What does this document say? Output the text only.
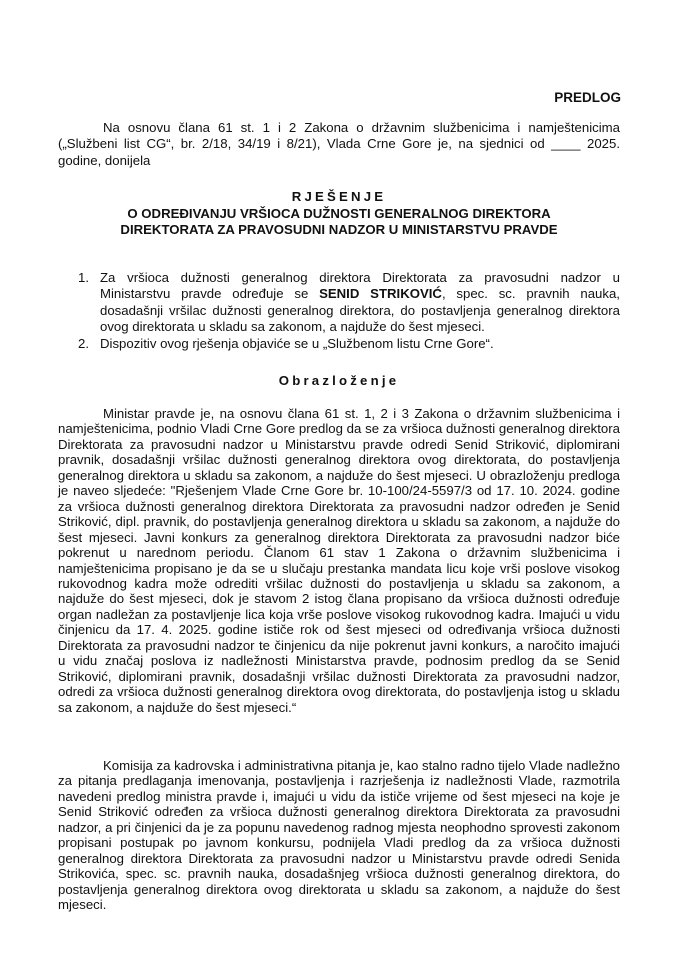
PREDLOG
Na osnovu člana 61 st. 1 i 2 Zakona o državnim službenicima i namještenicima („Službeni list CG“, br. 2/18, 34/19 i 8/21), Vlada Crne Gore je, na sjednici od ____ 2025. godine, donijela
RJEŠENJE
O ODREĐIVANJU VRŠIOCA DUŽNOSTI GENERALNOG DIREKTORA
DIREKTORATA ZA PRAVOSUDNI NADZOR U MINISTARSTVU PRAVDE
1. Za vršioca dužnosti generalnog direktora Direktorata za pravosudni nadzor u Ministarstvu pravde određuje se SENID STRIKOVIĆ, spec. sc. pravnih nauka, dosadašnji vršilac dužnosti generalnog direktora, do postavljenja generalnog direktora ovog direktorata u skladu sa zakonom, a najduže do šest mjeseci.
2. Dispozitiv ovog rješenja objaviće se u „Službenom listu Crne Gore“.
Obrazloženje
Ministar pravde je, na osnovu člana 61 st. 1, 2 i 3 Zakona o državnim službenicima i namještenicima, podnio Vladi Crne Gore predlog da se za vršioca dužnosti generalnog direktora Direktorata za pravosudni nadzor u Ministarstvu pravde odredi Senid Striković, diplomirani pravnik, dosadašnji vršilac dužnosti generalnog direktora ovog direktorata, do postavljenja generalnog direktora u skladu sa zakonom, a najduže do šest mjeseci. U obrazloženju predloga je naveo sljedeće: "Rješenjem Vlade Crne Gore br. 10-100/24-5597/3 od 17. 10. 2024. godine za vršioca dužnosti generalnog direktora Direktorata za pravosudni nadzor određen je Senid Striković, dipl. pravnik, do postavljenja generalnog direktora u skladu sa zakonom, a najduže do šest mjeseci. Javni konkurs za generalnog direktora Direktorata za pravosudni nadzor biće pokrenut u narednom periodu. Članom 61 stav 1 Zakona o državnim službenicima i namještenicima propisano je da se u slučaju prestanka mandata licu koje vrši poslove visokog rukovodnog kadra može odrediti vršilac dužnosti do postavljenja u skladu sa zakonom, a najduže do šest mjeseci, dok je stavom 2 istog člana propisano da vršioca dužnosti određuje organ nadležan za postavljenje lica koja vrše poslove visokog rukovodnog kadra. Imajući u vidu činjenicu da 17. 4. 2025. godine ističe rok od šest mjeseci od određivanja vršioca dužnosti Direktorata za pravosudni nadzor te činjenicu da nije pokrenut javni konkurs, a naročito imajući u vidu značaj poslova iz nadležnosti Ministarstva pravde, podnosim predlog da se Senid Striković, diplomirani pravnik, dosadašnji vršilac dužnosti Direktorata za pravosudni nadzor, odredi za vršioca dužnosti generalnog direktora ovog direktorata, do postavljenja istog u skladu sa zakonom, a najduže do šest mjeseci.“
Komisija za kadrovska i administrativna pitanja je, kao stalno radno tijelo Vlade nadležno za pitanja predlaganja imenovanja, postavljenja i razrješenja iz nadležnosti Vlade, razmotrila navedeni predlog ministra pravde i, imajući u vidu da ističe vrijeme od šest mjeseci na koje je Senid Striković određen za vršioca dužnosti generalnog direktora Direktorata za pravosudni nadzor, a pri činjenici da je za popunu navedenog radnog mjesta neophodno sprovesti zakonom propisani postupak po javnom konkursu, podnijela Vladi predlog da za vršioca dužnosti generalnog direktora Direktorata za pravosudni nadzor u Ministarstvu pravde odredi Senida Strikovića, spec. sc. pravnih nauka, dosadašnjeg vršioca dužnosti generalnog direktora, do postavljenja generalnog direktora ovog direktorata u skladu sa zakonom, a najduže do šest mjeseci.
